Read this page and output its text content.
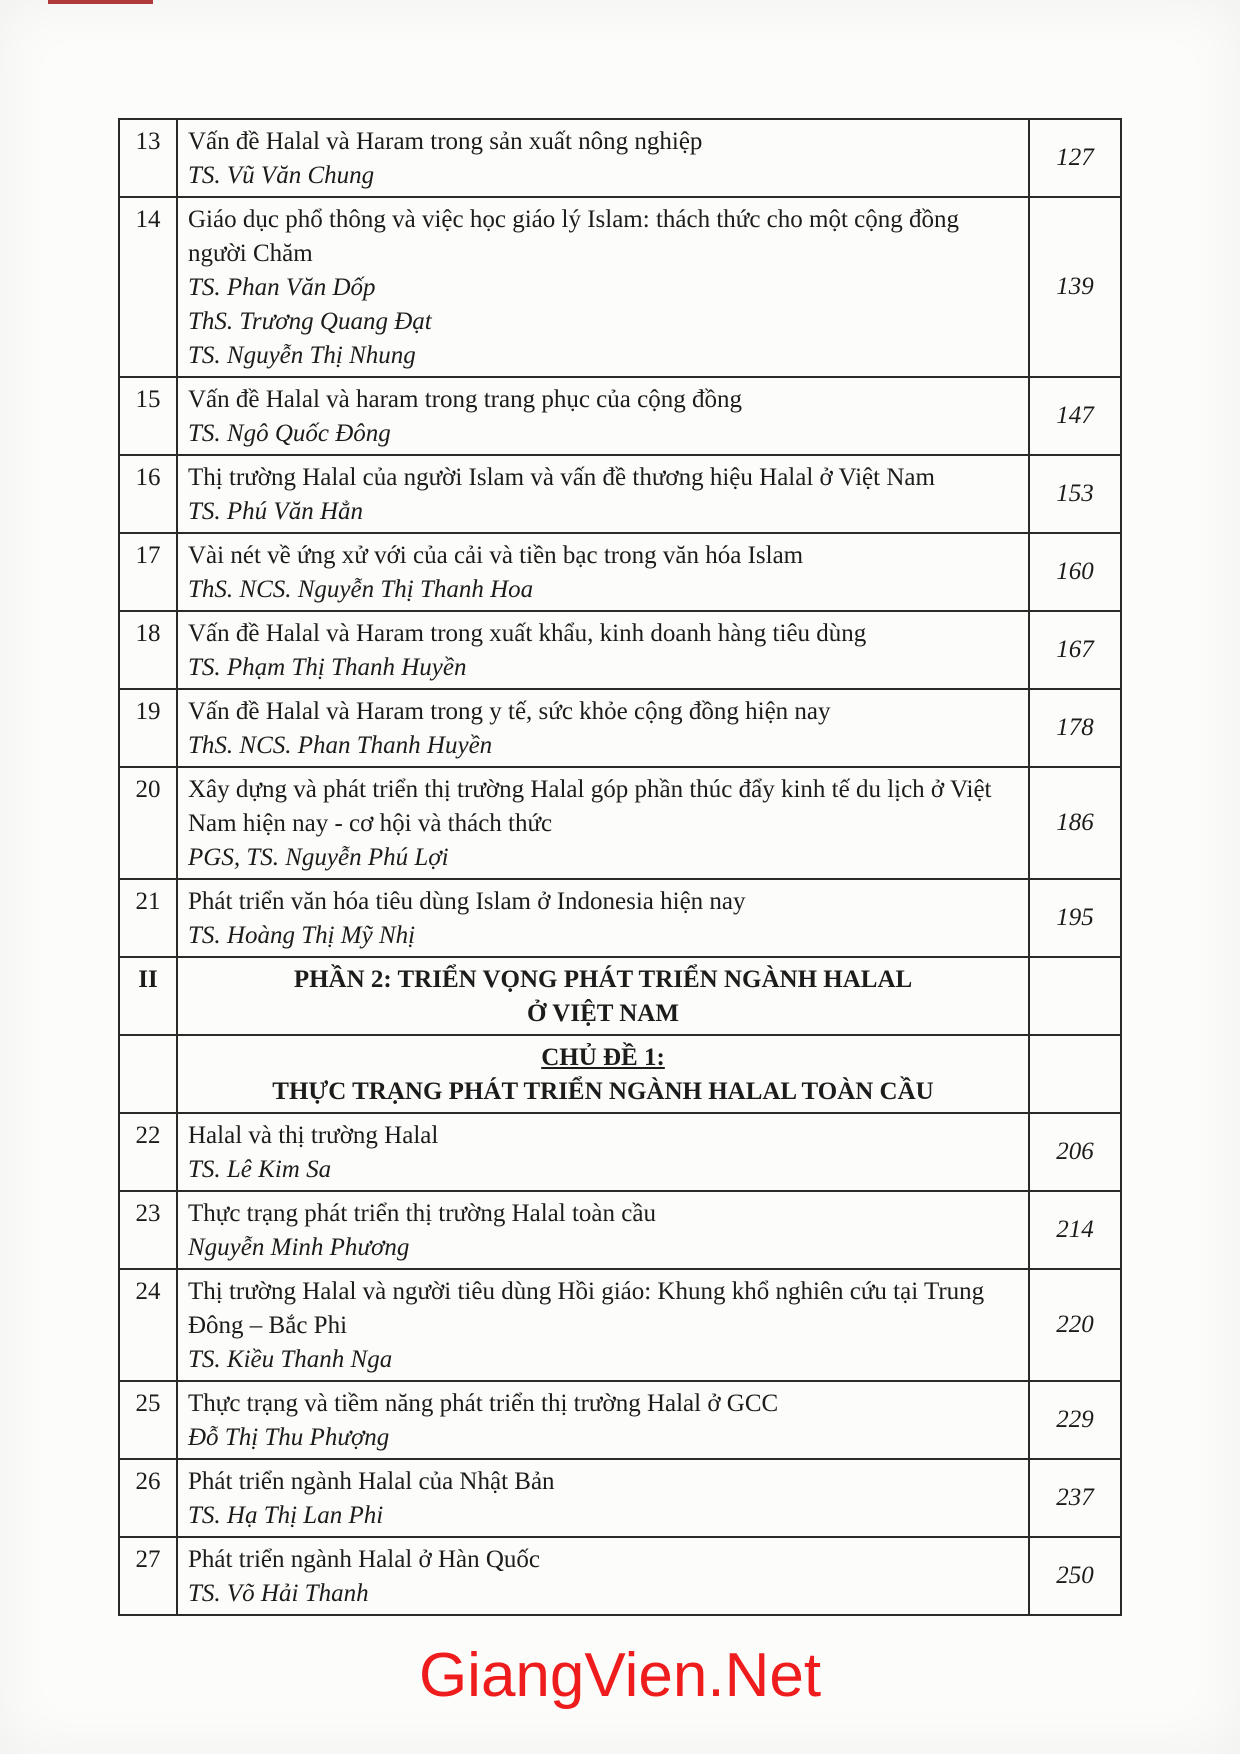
13	Vấn đề Halal và Haram trong sản xuất nông nghiệp
TS. Vũ Văn Chung	127
14	Giáo dục phổ thông và việc học giáo lý Islam: thách thức cho một cộng đồng người Chăm
TS. Phan Văn Dốp
ThS. Trương Quang Đạt
TS. Nguyễn Thị Nhung	139
15	Vấn đề Halal và haram trong trang phục của cộng đồng
TS. Ngô Quốc Đông	147
16	Thị trường Halal của người Islam và vấn đề thương hiệu Halal ở Việt Nam
TS. Phú Văn Hẳn	153
17	Vài nét về ứng xử với của cải và tiền bạc trong văn hóa Islam
ThS. NCS. Nguyễn Thị Thanh Hoa	160
18	Vấn đề Halal và Haram trong xuất khẩu, kinh doanh hàng tiêu dùng
TS. Phạm Thị Thanh Huyền	167
19	Vấn đề Halal và Haram trong y tế, sức khỏe cộng đồng hiện nay
ThS. NCS. Phan Thanh Huyền	178
20	Xây dựng và phát triển thị trường Halal góp phần thúc đẩy kinh tế du lịch ở Việt Nam hiện nay - cơ hội và thách thức
PGS, TS. Nguyễn Phú Lợi	186
21	Phát triển văn hóa tiêu dùng Islam ở Indonesia hiện nay
TS. Hoàng Thị Mỹ Nhị	195
II	PHẦN 2: TRIỂN VỌNG PHÁT TRIỂN NGÀNH HALAL
Ở VIỆT NAM	

	CHỦ ĐỀ 1:
THỰC TRẠNG PHÁT TRIỂN NGÀNH HALAL TOÀN CẦU	

22	Halal và thị trường Halal
TS. Lê Kim Sa	206
23	Thực trạng phát triển thị trường Halal toàn cầu
Nguyễn Minh Phương	214
24	Thị trường Halal và người tiêu dùng Hồi giáo: Khung khổ nghiên cứu tại Trung Đông – Bắc Phi
TS. Kiều Thanh Nga	220
25	Thực trạng và tiềm năng phát triển thị trường Halal ở GCC
Đỗ Thị Thu Phượng	229
26	Phát triển ngành Halal của Nhật Bản
TS. Hạ Thị Lan Phi	237
27	Phát triển ngành Halal ở Hàn Quốc
TS. Võ Hải Thanh	250
GiangVien.Net
